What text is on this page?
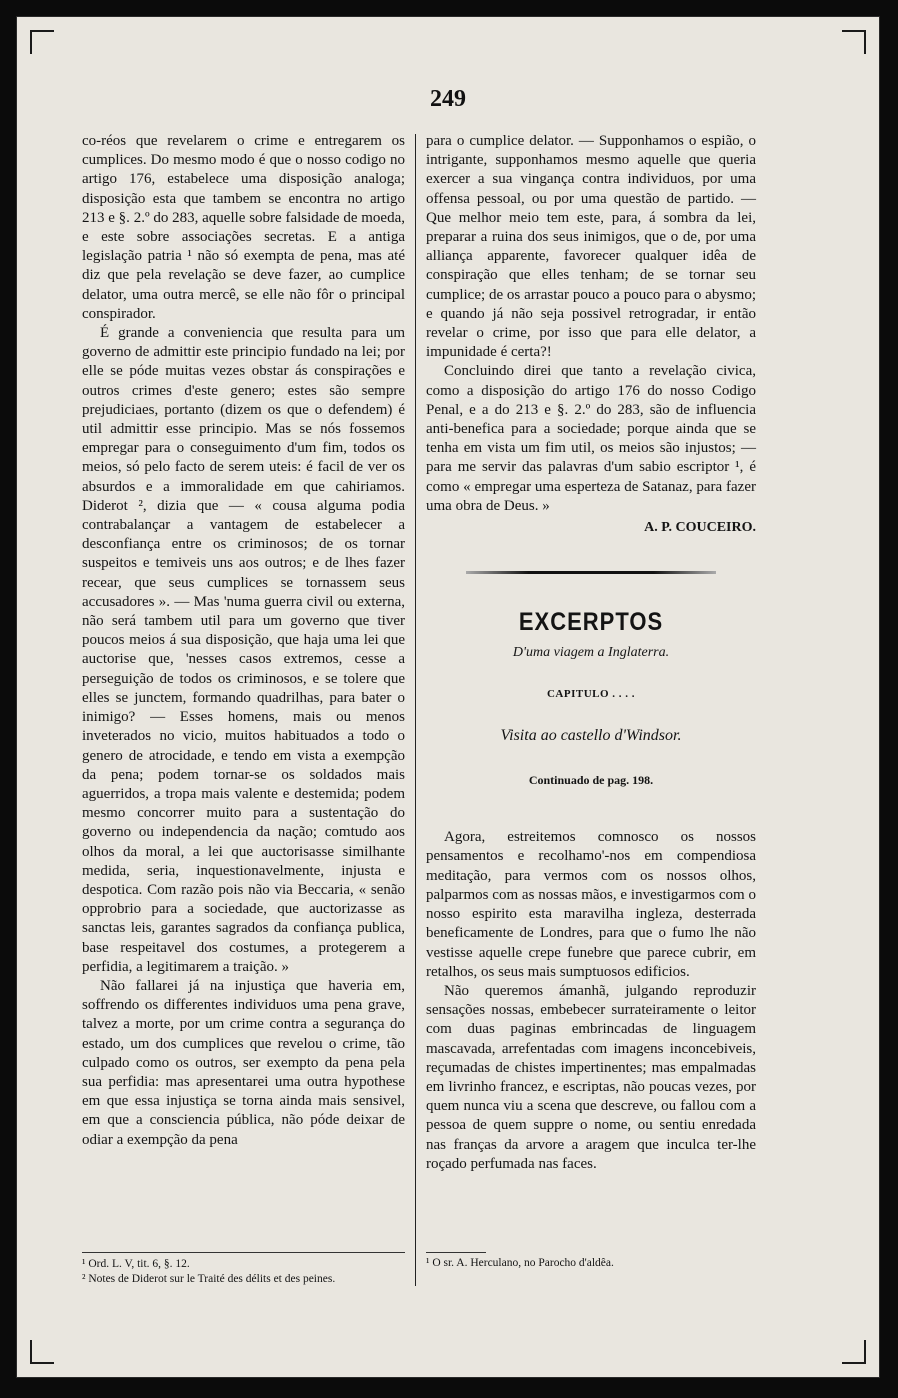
249

co-réos que revelarem o crime e entregarem os cumplices. Do mesmo modo é que o nosso codigo no artigo 176, estabelece uma disposição analoga; disposição esta que tambem se encontra no artigo 213 e §. 2.º do 283, aquelle sobre falsidade de moeda, e este sobre associações secretas. E a antiga legislação patria ¹ não só exempta de pena, mas até diz que pela revelação se deve fazer, ao cumplice delator, uma outra mercê, se elle não fôr o principal conspirador.

É grande a conveniencia que resulta para um governo de admittir este principio fundado na lei; por elle se póde muitas vezes obstar ás conspirações e outros crimes d'este genero; estes são sempre prejudiciaes, portanto (dizem os que o defendem) é util admittir esse principio. Mas se nós fossemos empregar para o conseguimento d'um fim, todos os meios, só pelo facto de serem uteis: é facil de ver os absurdos e a immoralidade em que cahiriamos. Diderot ², dizia que — « cousa alguma podia contrabalançar a vantagem de estabelecer a desconfiança entre os criminosos; de os tornar suspeitos e temiveis uns aos outros; e de lhes fazer recear, que seus cumplices se tornassem seus accusadores ». — Mas 'numa guerra civil ou externa, não será tambem util para um governo que tiver poucos meios á sua disposição, que haja uma lei que auctorise que, 'nesses casos extremos, cesse a perseguição de todos os criminosos, e se tolere que elles se junctem, formando quadrilhas, para bater o inimigo? — Esses homens, mais ou menos inveterados no vicio, muitos habituados a todo o genero de atrocidade, e tendo em vista a exempção da pena; podem tornar-se os soldados mais aguerridos, a tropa mais valente e destemida; podem mesmo concorrer muito para a sustentação do governo ou independencia da nação; comtudo aos olhos da moral, a lei que auctorisasse similhante medida, seria, inquestionavelmente, injusta e despotica. Com razão pois não via Beccaria, « senão opprobrio para a sociedade, que auctorizasse as sanctas leis, garantes sagrados da confiança publica, base respeitavel dos costumes, a protegerem a perfidia, a legitimarem a traição. »

Não fallarei já na injustiça que haveria em, soffrendo os differentes individuos uma pena grave, talvez a morte, por um crime contra a segurança do estado, um dos cumplices que revelou o crime, tão culpado como os outros, ser exempto da pena pela sua perfidia: mas apresentarei uma outra hypothese em que essa injustiça se torna ainda mais sensivel, em que a consciencia pública, não póde deixar de odiar a exempção da pena

para o cumplice delator. — Supponhamos o espião, o intrigante, supponhamos mesmo aquelle que queria exercer a sua vingança contra individuos, por uma offensa pessoal, ou por uma questão de partido. — Que melhor meio tem este, para, á sombra da lei, preparar a ruina dos seus inimigos, que o de, por uma alliança apparente, favorecer qualquer idêa de conspiração que elles tenham; de se tornar seu cumplice; de os arrastar pouco a pouco para o abysmo; e quando já não seja possivel retrogradar, ir então revelar o crime, por isso que para elle delator, a impunidade é certa?!

Concluindo direi que tanto a revelação civica, como a disposição do artigo 176 do nosso Codigo Penal, e a do 213 e §. 2.º do 283, são de influencia anti-benefica para a sociedade; porque ainda que se tenha em vista um fim util, os meios são injustos; — para me servir das palavras d'um sabio escriptor ¹, é como « empregar uma esperteza de Satanaz, para fazer uma obra de Deus. »

A. P. COUCEIRO.
EXCERPTOS
D'uma viagem a Inglaterra.
CAPITULO . . . .
Visita ao castello d'Windsor.
Continuado de pag. 198.

Agora, estreitemos comnosco os nossos pensamentos e recolhamo'-nos em compendiosa meditação, para vermos com os nossos olhos, palparmos com as nossas mãos, e investigarmos com o nosso espirito esta maravilha ingleza, desterrada beneficamente de Londres, para que o fumo lhe não vestisse aquelle crepe funebre que parece cubrir, em retalhos, os seus mais sumptuosos edificios.

Não queremos ámanhã, julgando reproduzir sensações nossas, embebecer surrateiramente o leitor com duas paginas embrincadas de linguagem mascavada, arrefentadas com imagens inconcebiveis, reçumadas de chistes impertinentes; mas empalmadas em livrinho francez, e escriptas, não poucas vezes, por quem nunca viu a scena que descreve, ou fallou com a pessoa de quem suppre o nome, ou sentiu enredada nas franças da arvore a aragem que inculca ter-lhe roçado perfumada nas faces.

¹ Ord. L. V, tit. 6, §. 12.

² Notes de Diderot sur le Traité des délits et des peines.

¹ O sr. A. Herculano, no Parocho d'aldêa.
